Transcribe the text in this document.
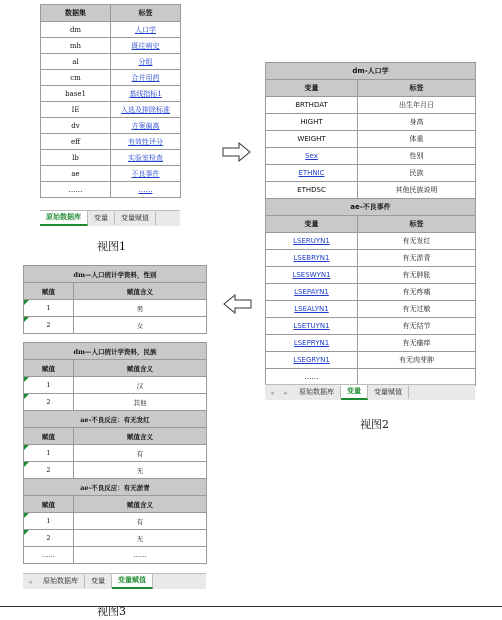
数据集	标签
dm	人口学
mh	既往病史
al	分组
cm	合并用药
base1	基线指标1
IE	入选及排除标准
dv	方案偏离
eff	有效性评分
lb	实验室检查
ae	不良事件
……	……
原始数据库	变量	变量赋值
视图1
dm-人口学	
变量	标签
BRTHDAT	出生年月日
HIGHT	身高
WEIGHT	体重
Sex	性别
ETHNIC	民族
ETHDSC	其他民族说明
ae-不良事件	
变量	标签
LSERUYN1	有无发红
LSEBRYN1	有无淤青
LSESWYN1	有无肿胀
LSEPAYN1	有无疼痛
LSEALYN1	有无过敏
LSETUYN1	有无结节
LSEPRYN1	有无瘙痒
LSEGRYN1	有无肉芽肿
……	
◂	▸	原始数据库	变量	变量赋值
视图2
dm—人口统计学资料，性别	
赋值	赋值含义
1	男
2	女

dm—人口统计学资料，民族	
赋值	赋值含义
1	汉
2	其他
ae-不良反应：有无发红	
赋值	赋值含义
1	有
2	无
ae-不良反应：有无淤青	
赋值	赋值含义
1	有
2	无
……	……
◂	原始数据库	变量	变量赋值
视图3
